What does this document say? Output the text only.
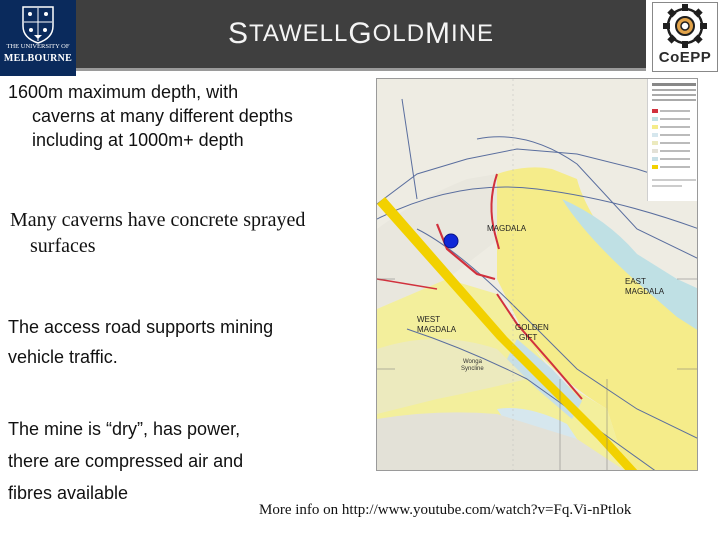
S TAWELL G OLD M INE
THE UNIVERSITY OF
MELBOURNE	CoEPP
1600m maximum depth, with
caverns at many different depths
including at 1000m+ depth
Many caverns have concrete sprayed
surfaces
The access road supports mining
vehicle traffic.
The mine is “dry”, has power,
there are compressed air and
fibres available
MAGDALA
EAST
MAGDALA
WEST
MAGDALA	GOLDEN
GIFT
Wonga
Syncline
More info on http://www.youtube.com/watch?v=Fq.Vi-nPtlok
